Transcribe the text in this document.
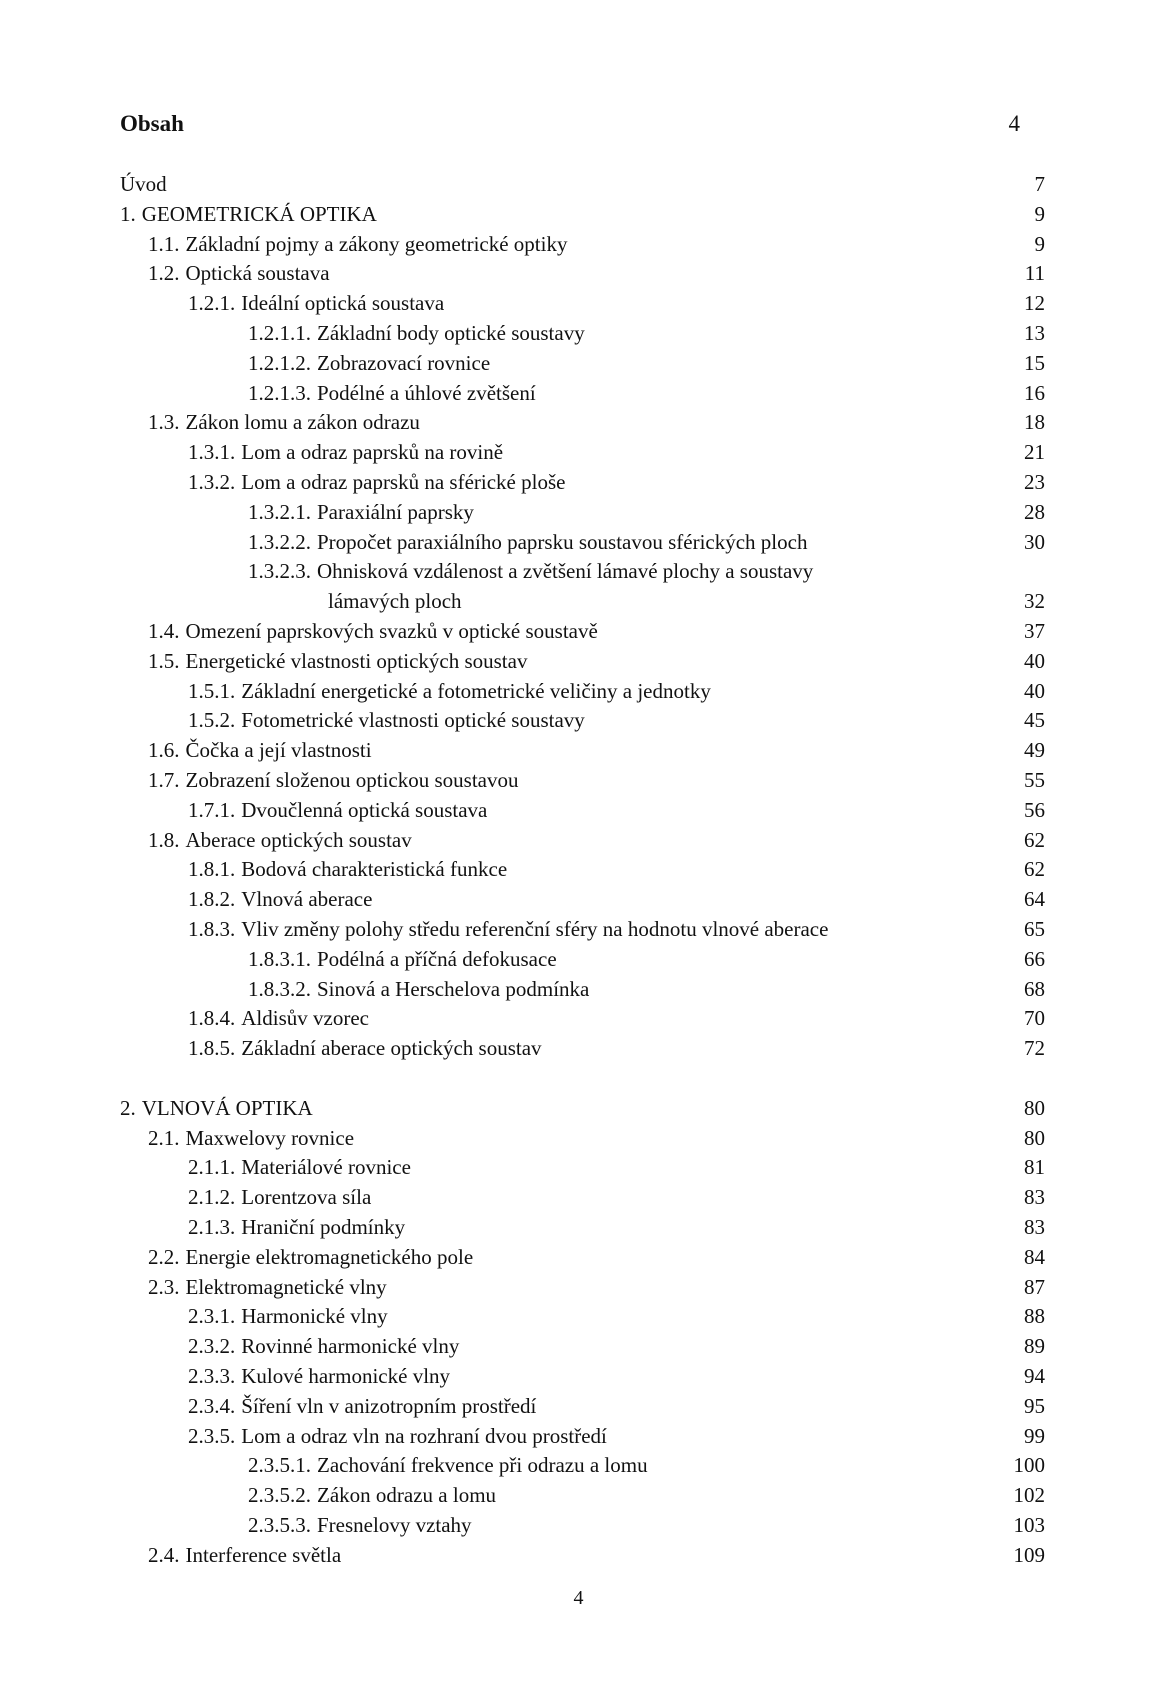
Obsah	4
Úvod	7
1. GEOMETRICKÁ OPTIKA	9
1.1. Základní pojmy a zákony geometrické optiky	9
1.2. Optická soustava	11
1.2.1. Ideální optická soustava	12
1.2.1.1. Základní body optické soustavy	13
1.2.1.2. Zobrazovací rovnice	15
1.2.1.3. Podélné a úhlové zvětšení	16
1.3. Zákon lomu a zákon odrazu	18
1.3.1. Lom a odraz paprsků na rovině	21
1.3.2. Lom a odraz paprsků na sférické ploše	23
1.3.2.1. Paraxiální paprsky	28
1.3.2.2. Propočet paraxiálního paprsku soustavou sférických ploch	30
1.3.2.3. Ohnisková vzdálenost a zvětšení lámavé plochy a soustavy
lámavých ploch	32
1.4. Omezení paprskových svazků v optické soustavě	37
1.5. Energetické vlastnosti optických soustav	40
1.5.1. Základní energetické a fotometrické veličiny a jednotky	40
1.5.2. Fotometrické vlastnosti optické soustavy	45
1.6. Čočka a její vlastnosti	49
1.7. Zobrazení složenou optickou soustavou	55
1.7.1. Dvoučlenná optická soustava	56
1.8. Aberace optických soustav	62
1.8.1. Bodová charakteristická funkce	62
1.8.2. Vlnová aberace	64
1.8.3. Vliv změny polohy středu referenční sféry na hodnotu vlnové aberace	65
1.8.3.1. Podélná a příčná defokusace	66
1.8.3.2. Sinová a Herschelova podmínka	68
1.8.4. Aldisův vzorec	70
1.8.5. Základní aberace optických soustav	72
2. VLNOVÁ OPTIKA	80
2.1. Maxwelovy rovnice	80
2.1.1. Materiálové rovnice	81
2.1.2. Lorentzova síla	83
2.1.3. Hraniční podmínky	83
2.2. Energie elektromagnetického pole	84
2.3. Elektromagnetické vlny	87
2.3.1. Harmonické vlny	88
2.3.2. Rovinné harmonické vlny	89
2.3.3. Kulové harmonické vlny	94
2.3.4. Šíření vln v anizotropním prostředí	95
2.3.5. Lom a odraz vln na rozhraní dvou prostředí	99
2.3.5.1. Zachování frekvence při odrazu a lomu	100
2.3.5.2. Zákon odrazu a lomu	102
2.3.5.3. Fresnelovy vztahy	103
2.4. Interference světla	109
4
